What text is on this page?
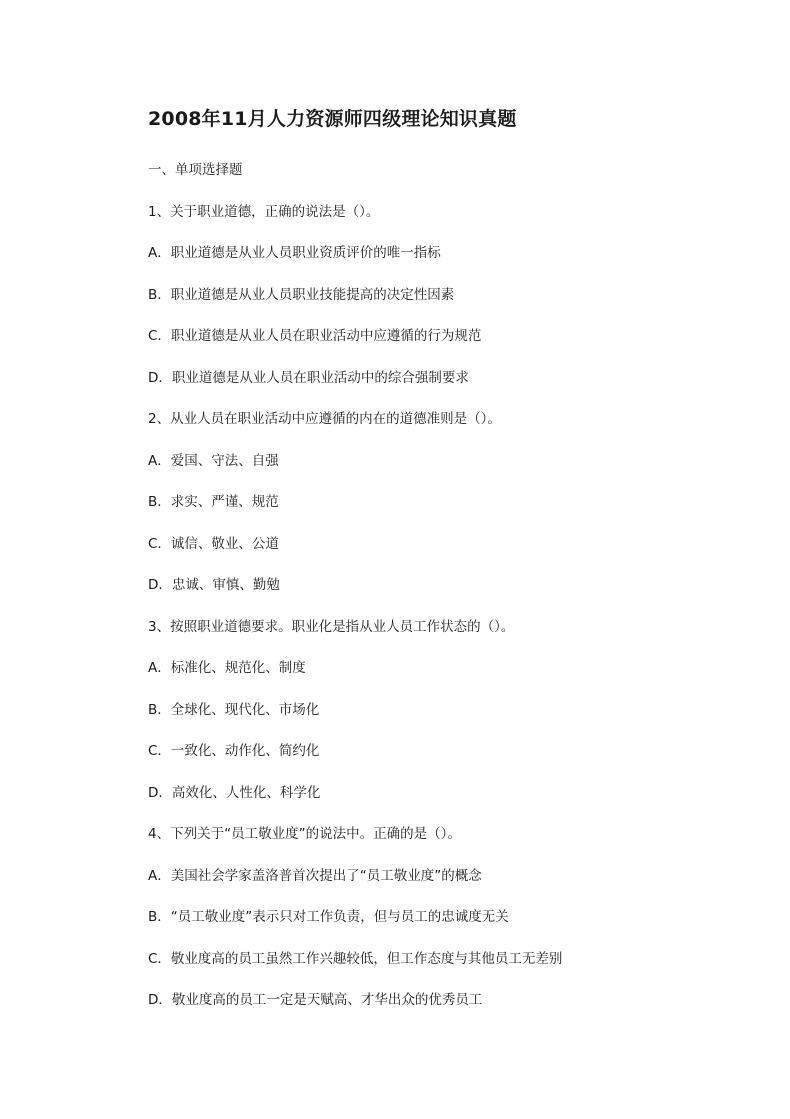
2008年11月人力资源师四级理论知识真题
一、单项选择题
1、关于职业道德，正确的说法是（）。
A．职业道德是从业人员职业资质评价的唯一指标
B．职业道德是从业人员职业技能提高的决定性因素
C．职业道德是从业人员在职业活动中应遵循的行为规范
D．职业道德是从业人员在职业活动中的综合强制要求
2、从业人员在职业活动中应遵循的内在的道德准则是（）。
A．爱国、守法、自强
B．求实、严谨、规范
C．诚信、敬业、公道
D．忠诚、审慎、勤勉
3、按照职业道德要求。职业化是指从业人员工作状态的（）。
A．标准化、规范化、制度
B．全球化、现代化、市场化
C．一致化、动作化、简约化
D．高效化、人性化、科学化
4、下列关于“员工敬业度”的说法中。正确的是（）。
A．美国社会学家盖洛普首次提出了“员工敬业度”的概念
B．“员工敬业度”表示只对工作负责，但与员工的忠诚度无关
C．敬业度高的员工虽然工作兴趣较低，但工作态度与其他员工无差别
D．敬业度高的员工一定是天赋高、才华出众的优秀员工
